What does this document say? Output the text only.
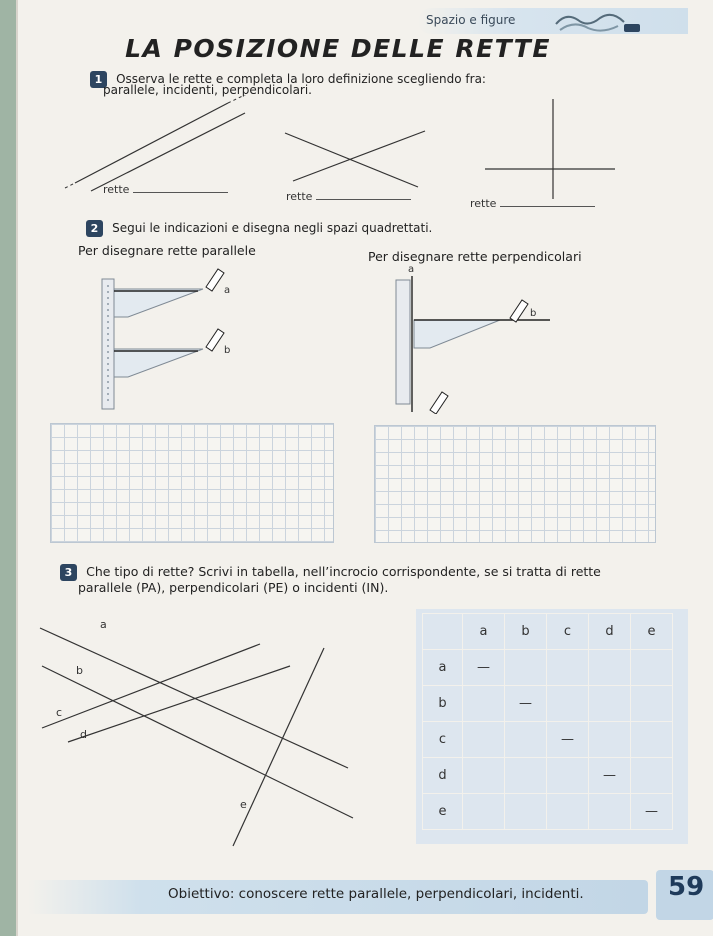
Spazio e figure
LA POSIZIONE DELLE RETTE
1 Osserva le rette e completa la loro definizione scegliendo fra:
parallele, incidenti, perpendicolari.
rette
rette
rette
2 Segui le indicazioni e disegna negli spazi quadrettati.
Per disegnare rette parallele	Per disegnare rette perpendicolari
a
b
a
b
3 Che tipo di rette? Scrivi in tabella, nell’incrocio corrispondente, se si tratta di rette
parallele (PA), perpendicolari (PE) o incidenti (IN).
a
b
c
d
e
	a	b	c	d	e
a	—				
b		—			
c			—		
d				—	
e					—
Obiettivo: conoscere rette parallele, perpendicolari, incidenti.	59
